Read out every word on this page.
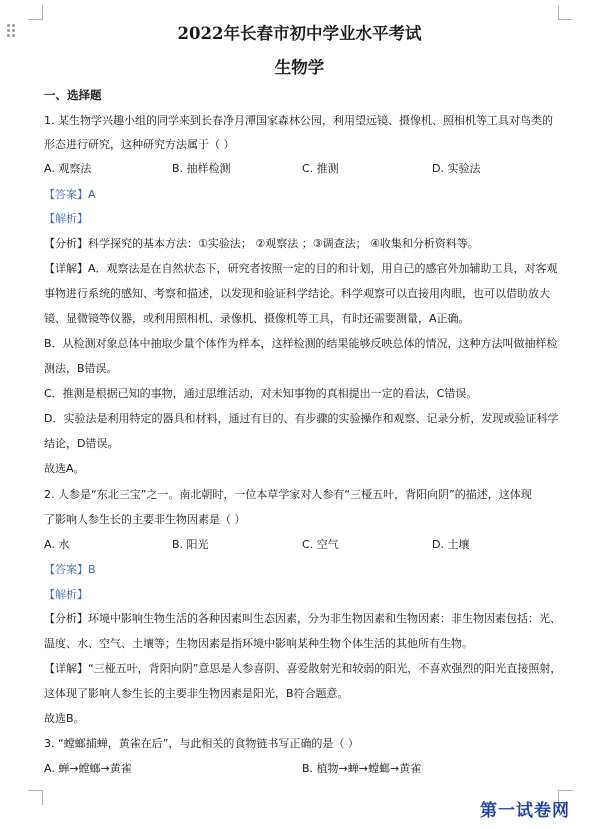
2022年长春市初中学业水平考试
生物学
一、选择题
1. 某生物学兴趣小组的同学来到长春净月潭国家森林公园，利用望远镜、摄像机、照相机等工具对鸟类的
形态进行研究，这种研究方法属于（ ）
A. 观察法	B. 抽样检测	C. 推测	D. 实验法
【答案】A
【解析】
【分析】科学探究的基本方法：①实验法； ②观察法 ；③调查法； ④收集和分析资料等。
【详解】A．观察法是在自然状态下，研究者按照一定的目的和计划，用自己的感官外加辅助工具，对客观
事物进行系统的感知、考察和描述，以发现和验证科学结论。科学观察可以直接用肉眼，也可以借助放大
镜、显微镜等仪器，或利用照相机、录像机、摄像机等工具，有时还需要测量，A正确。
B．从检测对象总体中抽取少量个体作为样本，这样检测的结果能够反映总体的情况，这种方法叫做抽样检
测法，B错误。
C．推测是根据已知的事物，通过思维活动，对未知事物的真相提出一定的看法，C错误。
D．实验法是利用特定的器具和材料，通过有目的、有步骤的实验操作和观察、记录分析，发现或验证科学
结论，D错误。
故选A。
2. 人参是“东北三宝”之一。南北朝时，一位本草学家对人参有“三桠五叶，背阳向阴”的描述，这体现
了影响人参生长的主要非生物因素是（ ）
A. 水	B. 阳光	C. 空气	D. 土壤
【答案】B
【解析】
【分析】环境中影响生物生活的各种因素叫生态因素，分为非生物因素和生物因素：非生物因素包括：光、
温度、水、空气、土壤等；生物因素是指环境中影响某种生物个体生活的其他所有生物。
【详解】“三桠五叶，背阳向阴”意思是人参喜阴、喜爱散射光和较弱的阳光，不喜欢强烈的阳光直接照射，
这体现了影响人参生长的主要非生物因素是阳光，B符合题意。
故选B。
3. “螳螂捕蝉，黄雀在后”，与此相关的食物链书写正确的是（ ）
A. 蝉→螳螂→黄雀	B. 植物→蝉→螳螂→黄雀
第一试卷网
